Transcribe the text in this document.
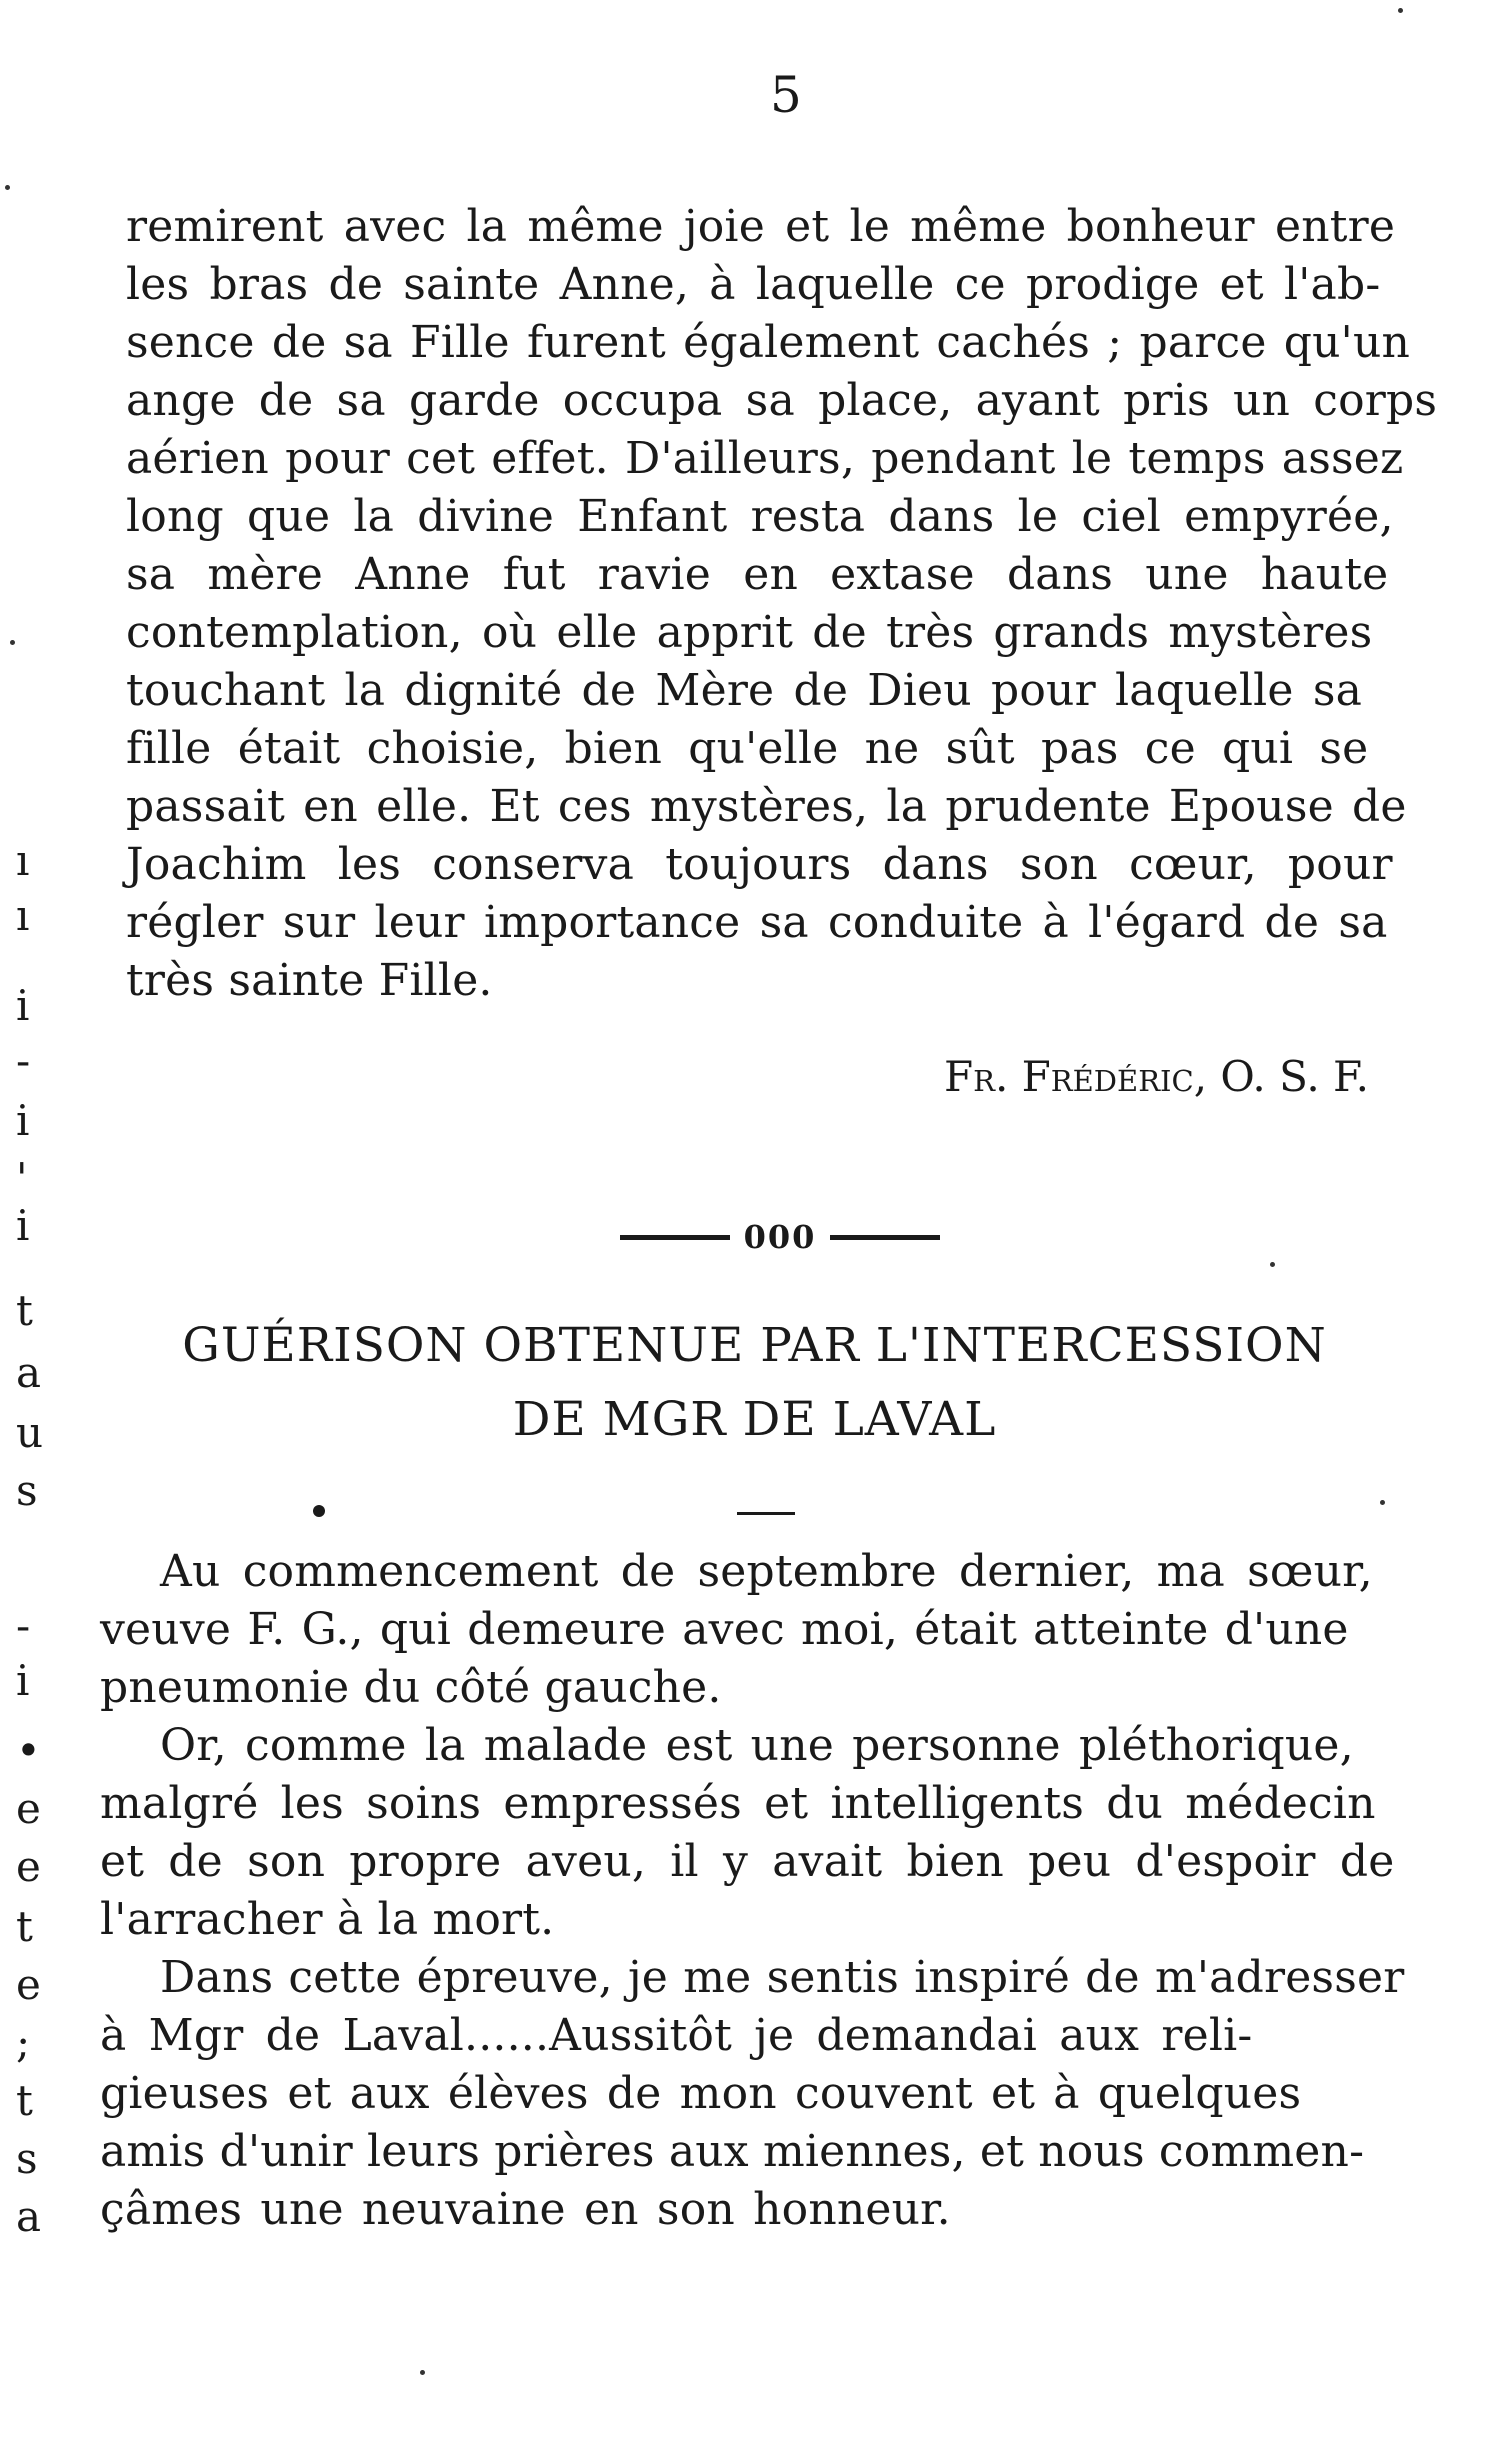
5
remirent avec la même joie et le même bonheur entre
les bras de sainte Anne, à laquelle ce prodige et l'ab-
sence de sa Fille furent également cachés ; parce qu'un
ange de sa garde occupa sa place, ayant pris un corps
aérien pour cet effet. D'ailleurs, pendant le temps assez
long que la divine Enfant resta dans le ciel empyrée,
sa mère Anne fut ravie en extase dans une haute
contemplation, où elle apprit de très grands mystères
touchant la dignité de Mère de Dieu pour laquelle sa
fille était choisie, bien qu'elle ne sût pas ce qui se
passait en elle. Et ces mystères, la prudente Epouse de
Joachim les conserva toujours dans son cœur, pour
régler sur leur importance sa conduite à l'égard de sa
très sainte Fille.
Fr. Frédéric, O. S. F.
000
GUÉRISON OBTENUE PAR L'INTERCESSION
DE MGR DE LAVAL
Au commencement de septembre dernier, ma sœur,
veuve F. G., qui demeure avec moi, était atteinte d'une
pneumonie du côté gauche.
Or, comme la malade est une personne pléthorique,
malgré les soins empressés et intelligents du médecin
et de son propre aveu, il y avait bien peu d'espoir de
l'arracher à la mort.
Dans cette épreuve, je me sentis inspiré de m'adresser
à Mgr de Laval......Aussitôt je demandai aux reli-
gieuses et aux élèves de mon couvent et à quelques
amis d'unir leurs prières aux miennes, et nous commen-
çâmes une neuvaine en son honneur.
ı
ı
i
-
i
'
i
t
a
u
s
-
i
•
e
e
t
e
;
t
s
a
